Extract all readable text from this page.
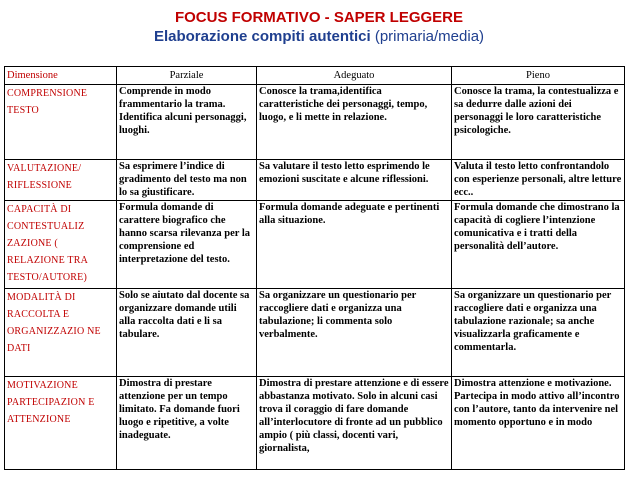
FOCUS FORMATIVO - SAPER LEGGERE
Elaborazione compiti autentici (primaria/media)
Dimensione	Parziale	Adeguato	Pieno
COMPRENSIONE TESTO	Comprende in modo frammentario la trama. Identifica alcuni personaggi, luoghi.	Conosce la trama,identifica caratteristiche dei personaggi, tempo, luogo, e li mette in relazione.	Conosce la trama, la contestualizza e sa dedurre dalle azioni dei personaggi le loro caratteristiche psicologiche.
VALUTAZIONE/ RIFLESSIONE	Sa esprimere l’indice di gradimento del testo ma non lo sa giustificare.	Sa valutare il testo letto esprimendo le emozioni suscitate e alcune riflessioni.	Valuta il testo letto confrontandolo con esperienze personali, altre letture ecc..
CAPACITÀ DI CONTESTUALIZ ZAZIONE ( RELAZIONE TRA TESTO/AUTORE)	Formula domande di carattere biografico che hanno scarsa rilevanza per la comprensione ed interpretazione del testo.	Formula domande adeguate e pertinenti alla situazione.	Formula domande che dimostrano la capacità di cogliere l’intenzione comunicativa e i tratti della personalità dell’autore.
MODALITÀ DI RACCOLTA E ORGANIZZAZIO NE DATI	Solo se aiutato dal docente sa organizzare domande utili alla raccolta dati e li sa tabulare.	Sa organizzare un questionario per raccogliere dati e organizza una tabulazione; li commenta solo verbalmente.	Sa organizzare un questionario per raccogliere dati e organizza una tabulazione razionale; sa anche visualizzarla graficamente e commentarla.
MOTIVAZIONE PARTECIPAZION E ATTENZIONE	Dimostra di prestare attenzione per un tempo limitato. Fa domande fuori luogo e ripetitive, a volte inadeguate.	Dimostra di prestare attenzione e di essere abbastanza motivato. Solo in alcuni casi trova il coraggio di fare domande all’interlocutore di fronte ad un pubblico ampio ( più classi, docenti vari, giornalista,	Dimostra attenzione e motivazione. Partecipa in modo attivo all’incontro con l’autore, tanto da intervenire nel momento opportuno e in modo
